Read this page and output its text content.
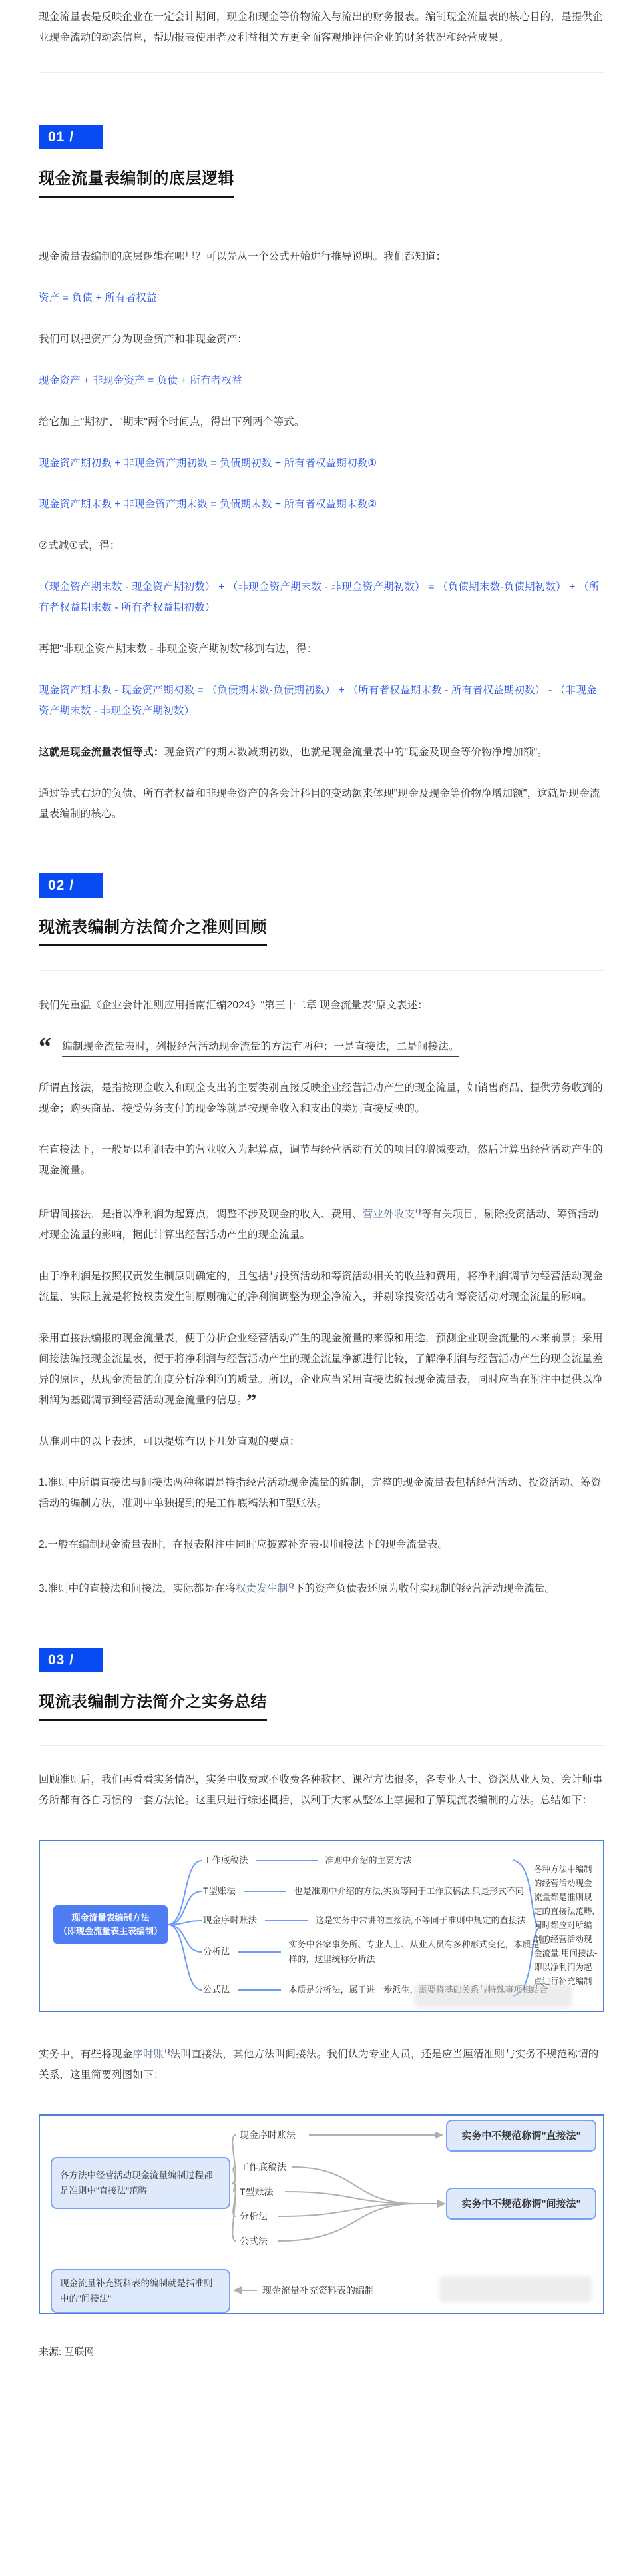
现金流量表是反映企业在一定会计期间，现金和现金等价物流入与流出的财务报表。编制现金流量表的核心目的，是提供企业现金流动的动态信息，帮助报表使用者及利益相关方更全面客观地评估企业的财务状况和经营成果。

01 /
现金流量表编制的底层逻辑

现金流量表编制的底层逻辑在哪里？可以先从一个公式开始进行推导说明。我们都知道：

资产 = 负债 + 所有者权益

我们可以把资产分为现金资产和非现金资产：

现金资产 + 非现金资产 = 负债 + 所有者权益

给它加上"期初"、"期末"两个时间点，得出下列两个等式。

现金资产期初数 + 非现金资产期初数 = 负债期初数 + 所有者权益期初数①

现金资产期末数 + 非现金资产期末数 = 负债期末数 + 所有者权益期末数②

②式减①式，得：

（现金资产期末数 - 现金资产期初数） + （非现金资产期末数 - 非现金资产期初数） = （负债期末数-负债期初数） + （所有者权益期末数 - 所有者权益期初数）

再把"非现金资产期末数 - 非现金资产期初数"移到右边，得：

现金资产期末数 - 现金资产期初数 = （负债期末数-负债期初数） + （所有者权益期末数 - 所有者权益期初数） - （非现金资产期末数 - 非现金资产期初数）

这就是现金流量表恒等式：现金资产的期末数减期初数，也就是现金流量表中的"现金及现金等价物净增加额"。

通过等式右边的负债、所有者权益和非现金资产的各会计科目的变动额来体现"现金及现金等价物净增加额"，这就是现金流量表编制的核心。

02 /
现流表编制方法简介之准则回顾

我们先重温《企业会计准则应用指南汇编2024》"第三十二章 现金流量表"原文表述：

“ 编制现金流量表时，列报经营活动现金流量的方法有两种：一是直接法，二是间接法。

所谓直接法，是指按现金收入和现金支出的主要类别直接反映企业经营活动产生的现金流量，如销售商品、提供劳务收到的现金；购买商品、接受劳务支付的现金等就是按现金收入和支出的类别直接反映的。

在直接法下，一般是以利润表中的营业收入为起算点，调节与经营活动有关的项目的增减变动，然后计算出经营活动产生的现金流量。

所谓间接法，是指以净利润为起算点，调整不涉及现金的收入、费用、营业外收支$^Q$等有关项目，剔除投资活动、筹资活动对现金流量的影响，据此计算出经营活动产生的现金流量。

由于净利润是按照权责发生制原则确定的，且包括与投资活动和筹资活动相关的收益和费用，将净利润调节为经营活动现金流量，实际上就是将按权责发生制原则确定的净利润调整为现金净流入，并剔除投资活动和筹资活动对现金流量的影响。

采用直接法编报的现金流量表，便于分析企业经营活动产生的现金流量的来源和用途，预测企业现金流量的未来前景；采用间接法编报现金流量表，便于将净利润与经营活动产生的现金流量净额进行比较，了解净利润与经营活动产生的现金流量差异的原因，从现金流量的角度分析净利润的质量。所以，企业应当采用直接法编报现金流量表，同时应当在附注中提供以净利润为基础调节到经营活动现金流量的信息。 ”

从准则中的以上表述，可以提炼有以下几处直观的要点：

1.准则中所谓直接法与间接法两种称谓是特指经营活动现金流量的编制，完整的现金流量表包括经营活动、投资活动、筹资活动的编制方法，准则中单独提到的是工作底稿法和T型账法。

2.一般在编制现金流量表时，在报表附注中同时应披露补充表-即间接法下的现金流量表。

3.准则中的直接法和间接法，实际都是在将权责发生制$^Q$下的资产负债表还原为收付实现制的经营活动现金流量。

03 /
现流表编制方法简介之实务总结

回顾准则后，我们再看看实务情况，实务中收费或不收费各种教材、课程方法很多，各专业人士、资深从业人员、会计师事务所都有各自习惯的一套方法论。这里只进行综述概括，以利于大家从整体上掌握和了解现流表编制的方法。总结如下：

现金流量表编制方法
（即现金流量表主表编制）
工作底稿法	准则中介绍的主要方法
T型账法	也是准则中介绍的方法,实质等同于工作底稿法,只是形式不同
现金序时账法	这是实务中常讲的直接法,不等同于准则中规定的直接法
分析法
实务中各家事务所、专业人士、从业人员有多种形式变化，本质是一样的，这里统称分析法
公式法	本质是分析法，属于进一步派生，需要将基础关系与特殊事项相结合
各种方法中编制的经营活动现金流量都是准则规定的直接法范畴,同时都应对所编制的经营活动现金流量,用间接法-即以净利润为起点进行补充编制

实务中，有些将现金序时账$^Q$法叫直接法，其他方法叫间接法。我们认为专业人员，还是应当厘清准则与实务不规范称谓的关系，这里简要列图如下：

现金序时账法
工作底稿法
T型账法
分析法
公式法
各方法中经营活动现金流量编制过程都是准则中"直接法"范畴
实务中不规范称谓"直接法"
实务中不规范称谓"间接法"
现金流量补充资料表的编制就是指准则中的"间接法"
现金流量补充资料表的编制

来源: 互联网
